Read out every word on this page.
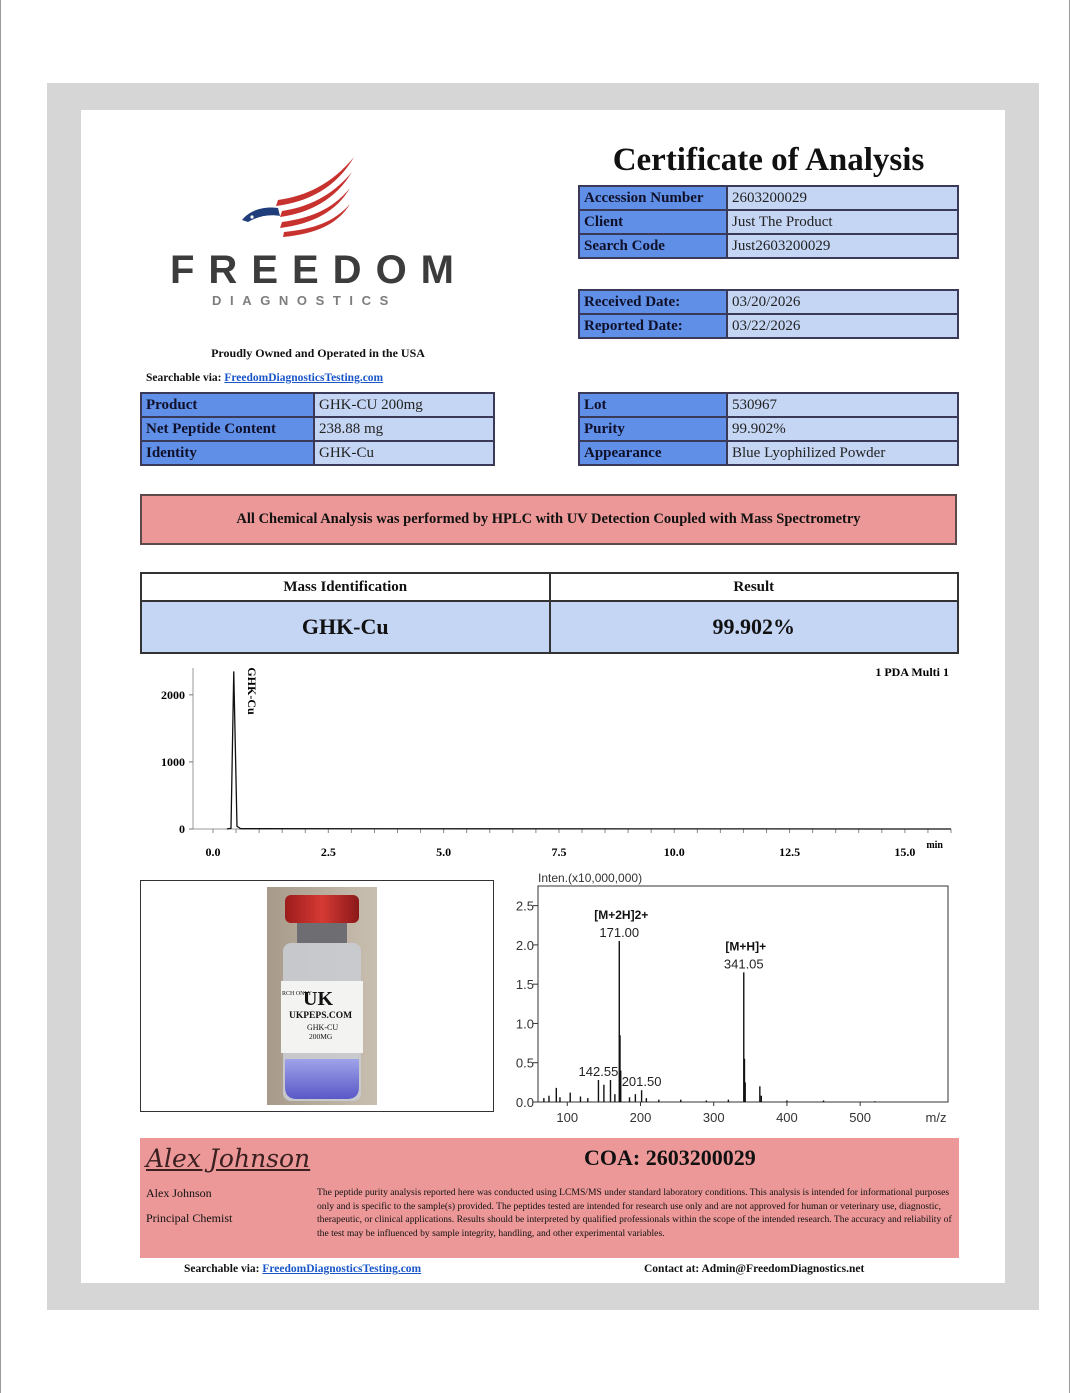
FREEDOM
DIAGNOSTICS
Proudly Owned and Operated in the USA
Searchable via: FreedomDiagnosticsTesting.com
Certificate of Analysis
Accession Number	2603200029
Client	Just The Product
Search Code	Just2603200029
Received Date:	03/20/2026
Reported Date:	03/22/2026
Product	GHK-CU 200mg
Net Peptide Content	238.88 mg
Identity	GHK-Cu
Lot	530967
Purity	99.902%
Appearance	Blue Lyophilized Powder
All Chemical Analysis was performed by HPLC with UV Detection Coupled with Mass Spectrometry
Mass Identification	Result
GHK-Cu	99.902%
0
1000
2000
0.0	2.5	5.0	7.5	10.0	12.5	15.0 min
1 PDA Multi 1
GHK-Cu
UK
RCH ONLY
UKPEPS.COM
GHK-CU
200MG
Inten.(x10,000,000)
0.0
0.5
1.0
1.5
2.0
2.5
100	200	300	400	500	m/z
171.00
[M+2H]2+
341.05
[M+H]+
142.55
201.50
Alex Johnson
Alex Johnson
Principal Chemist
COA: 2603200029
The peptide purity analysis reported here was conducted using LCMS/MS under standard laboratory conditions. This analysis is intended for informational purposes only and is specific to the sample(s) provided. The peptides tested are intended for research use only and are not approved for human or veterinary use, diagnostic, therapeutic, or clinical applications. Results should be interpreted by qualified professionals within the scope of the intended research. The accuracy and reliability of the test may be influenced by sample integrity, handling, and other experimental variables.
Searchable via: FreedomDiagnosticsTesting.com	Contact at: Admin@FreedomDiagnostics.net
